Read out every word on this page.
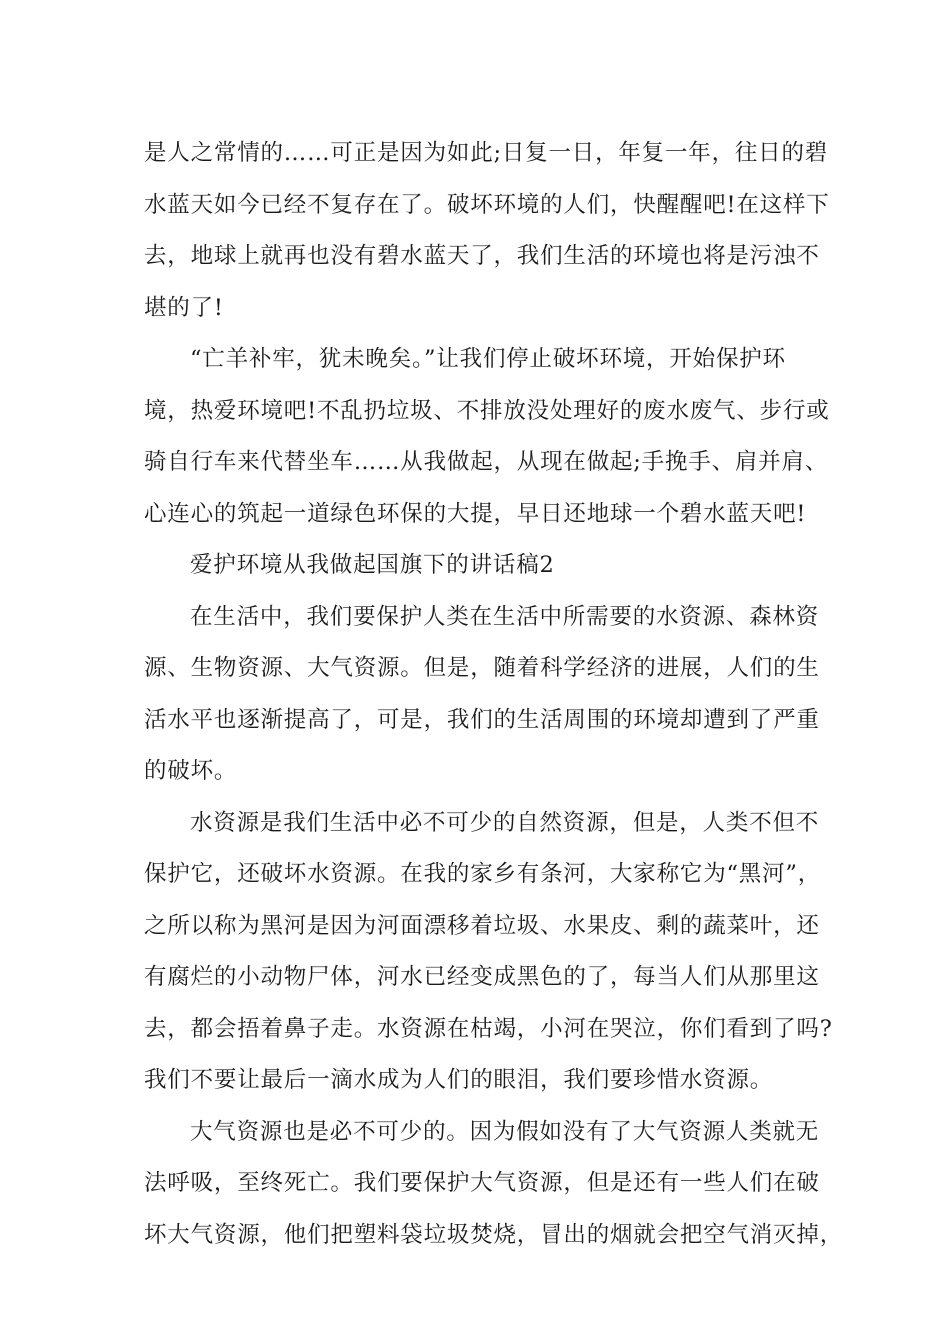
是人之常情的……可正是因为如此;日复一日，年复一年，往日的碧
水蓝天如今已经不复存在了。破坏环境的人们，快醒醒吧!在这样下
去，地球上就再也没有碧水蓝天了，我们生活的环境也将是污浊不
堪的了!
“亡羊补牢，犹未晚矣。”让我们停止破坏环境，开始保护环
境，热爱环境吧!不乱扔垃圾、不排放没处理好的废水废气、步行或
骑自行车来代替坐车……从我做起，从现在做起;手挽手、肩并肩、
心连心的筑起一道绿色环保的大提，早日还地球一个碧水蓝天吧!
爱护环境从我做起国旗下的讲话稿2
在生活中，我们要保护人类在生活中所需要的水资源、森林资
源、生物资源、大气资源。但是，随着科学经济的进展，人们的生
活水平也逐渐提高了，可是，我们的生活周围的环境却遭到了严重
的破坏。
水资源是我们生活中必不可少的自然资源，但是，人类不但不
保护它，还破坏水资源。在我的家乡有条河，大家称它为“黑河”，
之所以称为黑河是因为河面漂移着垃圾、水果皮、剩的蔬菜叶，还
有腐烂的小动物尸体，河水已经变成黑色的了，每当人们从那里这
去，都会捂着鼻子走。水资源在枯竭，小河在哭泣，你们看到了吗?
我们不要让最后一滴水成为人们的眼泪，我们要珍惜水资源。
大气资源也是必不可少的。因为假如没有了大气资源人类就无
法呼吸，至终死亡。我们要保护大气资源，但是还有一些人们在破
坏大气资源，他们把塑料袋垃圾焚烧，冒出的烟就会把空气消灭掉，
